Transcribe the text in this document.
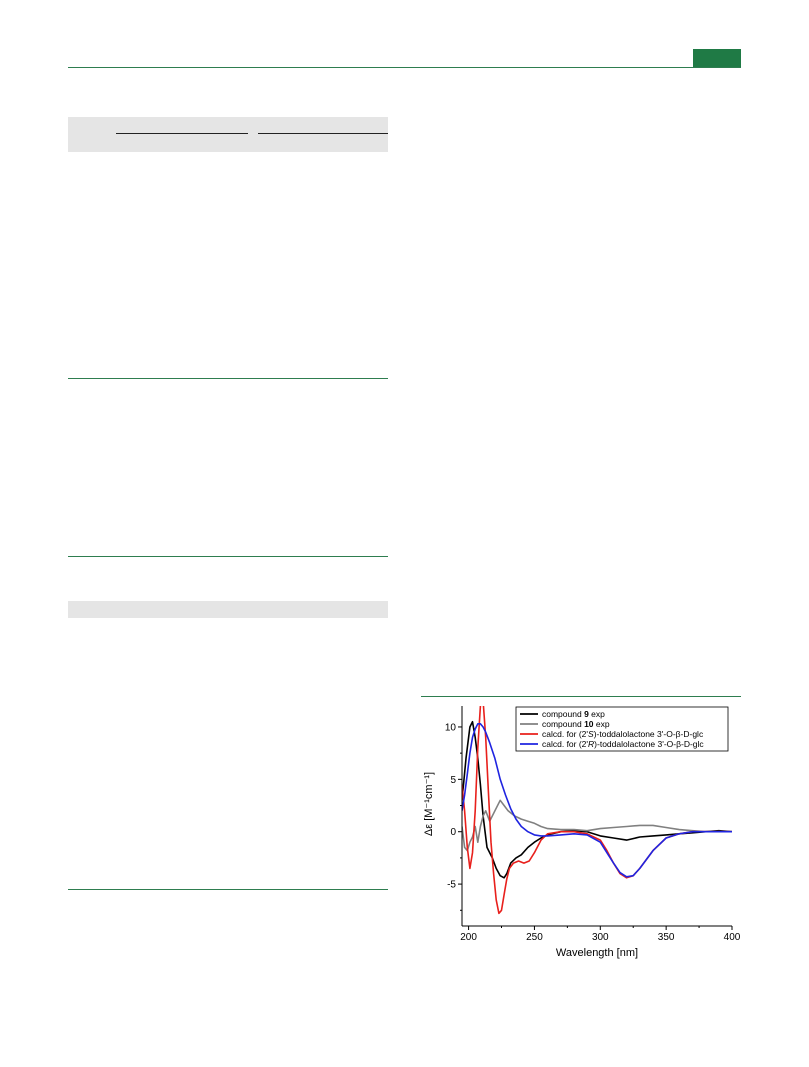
200	250	300	350	400
10
5
0
-5
compound 9 exp
compound 10 exp
calcd. for (2'S)-toddalolactone 3'-O-β-D-glc
calcd. for (2'R)-toddalolactone 3'-O-β-D-glc
Wavelength [nm]
Δε [M⁻¹cm⁻¹]
